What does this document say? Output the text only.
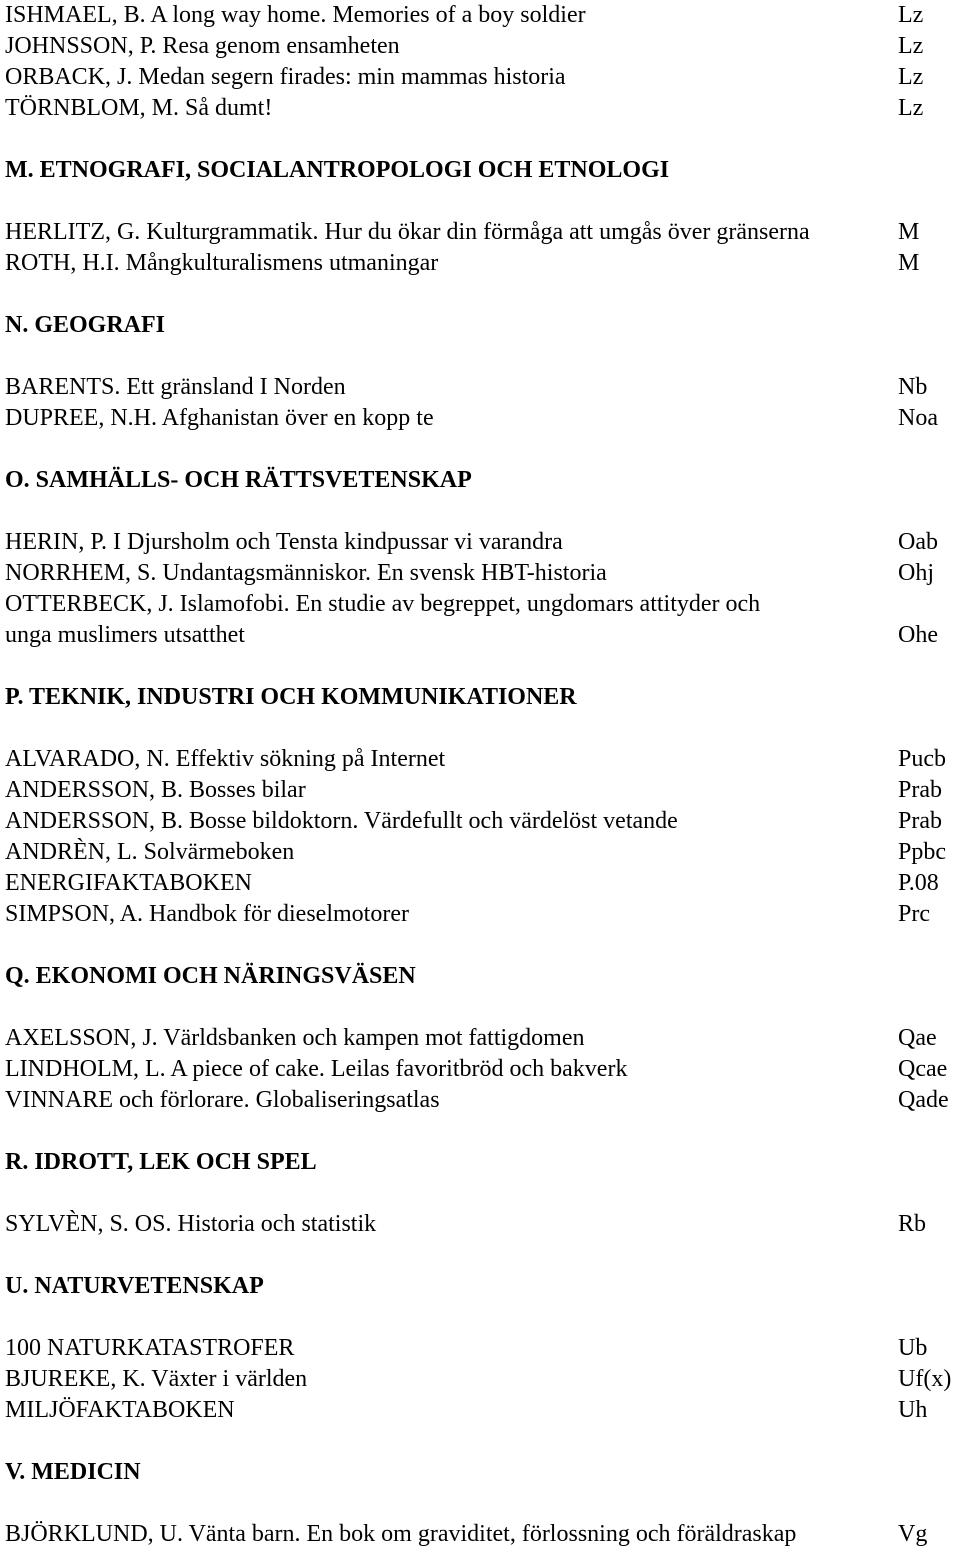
ISHMAEL, B. A long way home. Memories of a boy soldier	Lz
JOHNSSON, P. Resa genom ensamheten	Lz
ORBACK, J. Medan segern firades: min mammas historia	Lz
TÖRNBLOM, M. Så dumt!	Lz
M. ETNOGRAFI, SOCIALANTROPOLOGI OCH ETNOLOGI
HERLITZ, G. Kulturgrammatik. Hur du ökar din förmåga att umgås över gränserna	M
ROTH, H.I. Mångkulturalismens utmaningar	M
N. GEOGRAFI
BARENTS. Ett gränsland I Norden	Nb
DUPREE, N.H. Afghanistan över en kopp te	Noa
O. SAMHÄLLS- OCH RÄTTSVETENSKAP
HERIN, P. I Djursholm och Tensta kindpussar vi varandra	Oab
NORRHEM, S. Undantagsmänniskor. En svensk HBT-historia	Ohj
OTTERBECK, J. Islamofobi. En studie av begreppet, ungdomars attityder och
unga muslimers utsatthet	Ohe
P. TEKNIK, INDUSTRI OCH KOMMUNIKATIONER
ALVARADO, N. Effektiv sökning på Internet	Pucb
ANDERSSON, B. Bosses bilar	Prab
ANDERSSON, B. Bosse bildoktorn. Värdefullt och värdelöst vetande	Prab
ANDRÈN, L. Solvärmeboken	Ppbc
ENERGIFAKTABOKEN	P.08
SIMPSON, A. Handbok för dieselmotorer	Prc
Q. EKONOMI OCH NÄRINGSVÄSEN
AXELSSON, J. Världsbanken och kampen mot fattigdomen	Qae
LINDHOLM, L. A piece of cake. Leilas favoritbröd och bakverk	Qcae
VINNARE och förlorare. Globaliseringsatlas	Qade
R. IDROTT, LEK OCH SPEL
SYLVÈN, S. OS. Historia och statistik	Rb
U. NATURVETENSKAP
100 NATURKATASTROFER	Ub
BJUREKE, K. Växter i världen	Uf(x)
MILJÖFAKTABOKEN	Uh
V. MEDICIN
BJÖRKLUND, U. Vänta barn. En bok om graviditet, förlossning och föräldraskap	Vg
